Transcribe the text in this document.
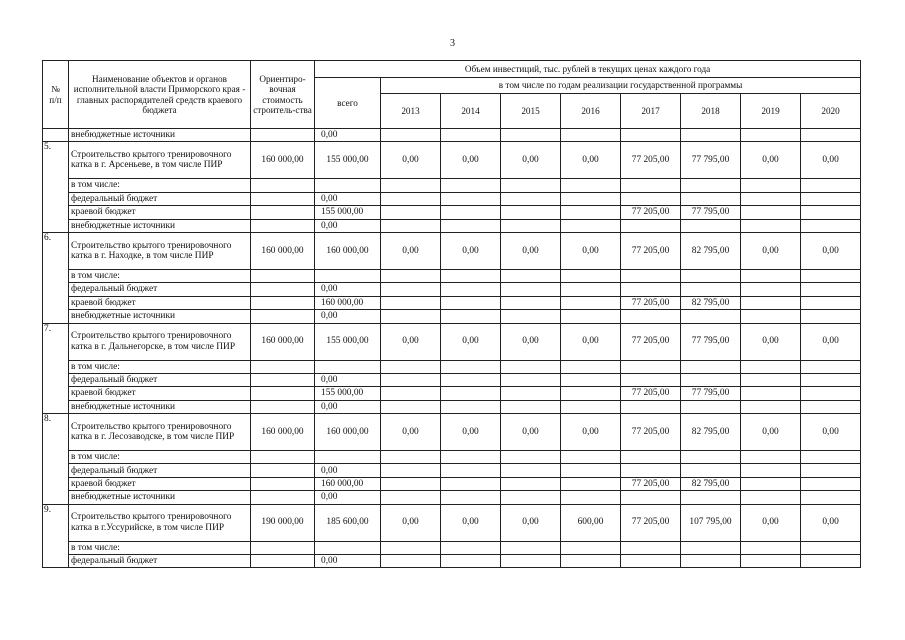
3
№
п/п	Наименование объектов и органов исполнительной власти Приморского края - главных распорядителей средств краевого бюджета	Ориентиро-вочная стоимость строитель-ства	Объем инвестиций, тыс. рублей в текущих ценах каждого года								
			всего	в том числе по годам реализации государственной программы							
				2013	2014	2015	2016	2017	2018	2019	2020
	внебюджетные источники		0,00								
5.	Строительство крытого тренировочного катка в г. Арсеньеве, в том числе ПИР	160 000,00	155 000,00	0,00	0,00	0,00	0,00	77 205,00	77 795,00	0,00	0,00
	в том числе:										
	федеральный бюджет		0,00								
	краевой бюджет		155 000,00					77 205,00	77 795,00		
	внебюджетные источники		0,00								
6.	Строительство крытого тренировочного катка в г. Находке, в том числе ПИР	160 000,00	160 000,00	0,00	0,00	0,00	0,00	77 205,00	82 795,00	0,00	0,00
	в том числе:										
	федеральный бюджет		0,00								
	краевой бюджет		160 000,00					77 205,00	82 795,00		
	внебюджетные источники		0,00								
7.	Строительство крытого тренировочного катка в г. Дальнегорске, в том числе ПИР	160 000,00	155 000,00	0,00	0,00	0,00	0,00	77 205,00	77 795,00	0,00	0,00
	в том числе:										
	федеральный бюджет		0,00								
	краевой бюджет		155 000,00					77 205,00	77 795,00		
	внебюджетные источники		0,00								
8.	Строительство крытого тренировочного катка в г. Лесозаводске, в том числе ПИР	160 000,00	160 000,00	0,00	0,00	0,00	0,00	77 205,00	82 795,00	0,00	0,00
	в том числе:										
	федеральный бюджет		0,00								
	краевой бюджет		160 000,00					77 205,00	82 795,00		
	внебюджетные источники		0,00								
9.	Строительство крытого тренировочного катка в г.Уссурийске, в том числе ПИР	190 000,00	185 600,00	0,00	0,00	0,00	600,00	77 205,00	107 795,00	0,00	0,00
	в том числе:										
	федеральный бюджет		0,00								
